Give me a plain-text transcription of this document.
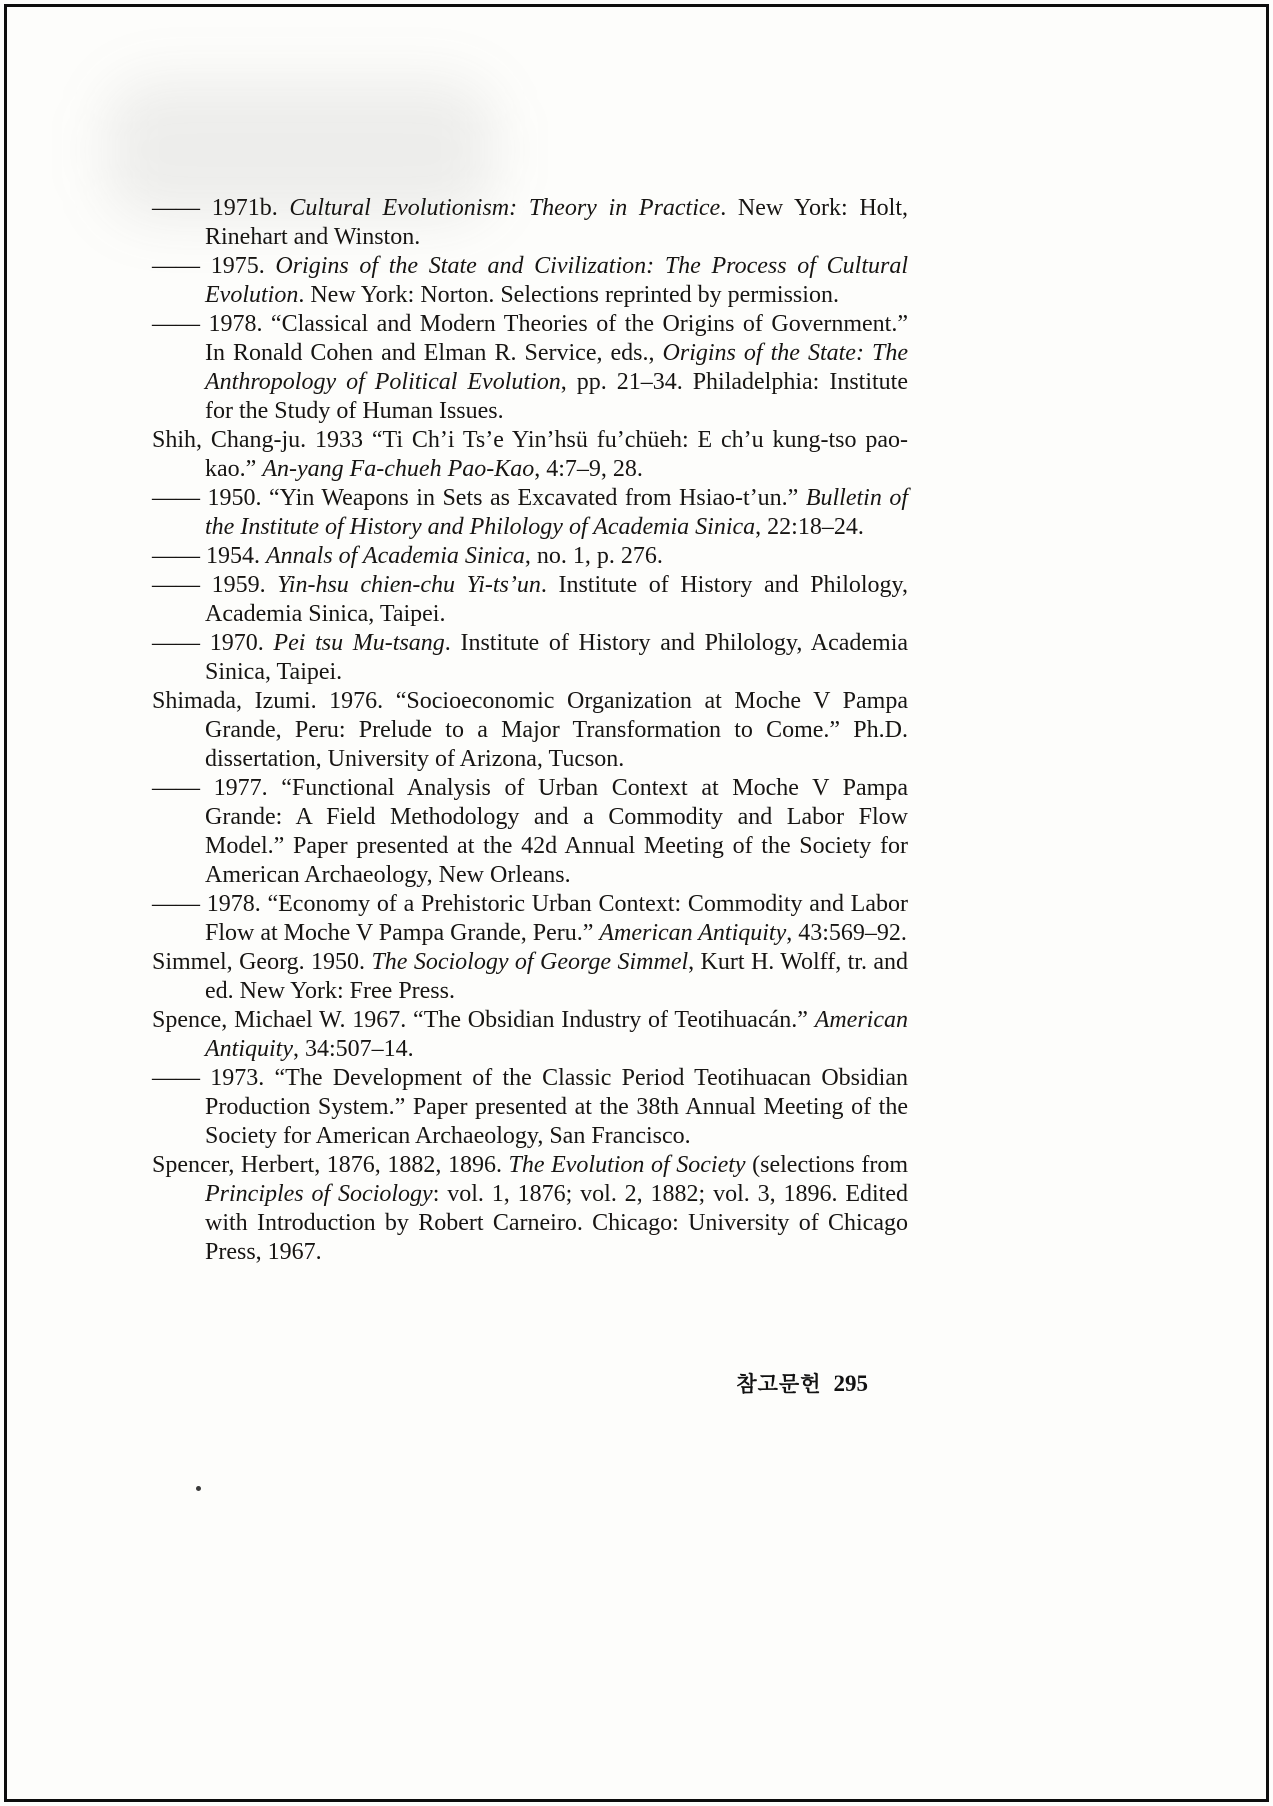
—— 1971b. Cultural Evolutionism: Theory in Practice. New York: Holt, Rinehart and Winston.

—— 1975. Origins of the State and Civilization: The Process of Cultural Evolution. New York: Norton. Selections reprinted by permission.

—— 1978. “Classical and Modern Theories of the Origins of Government.” In Ronald Cohen and Elman R. Service, eds., Origins of the State: The Anthropology of Political Evolution, pp. 21–34. Philadelphia: Institute for the Study of Human Issues.

Shih, Chang-ju. 1933 “Ti Ch’i Ts’e Yin’hsü fu’chüeh: E ch’u kung-tso pao-kao.” An-yang Fa-chueh Pao-Kao, 4:7–9, 28.

—— 1950. “Yin Weapons in Sets as Excavated from Hsiao-t’un.” Bulletin of the Institute of History and Philology of Academia Sinica, 22:18–24.

—— 1954. Annals of Academia Sinica, no. 1, p. 276.

—— 1959. Yin-hsu chien-chu Yi-ts’un. Institute of History and Philology, Academia Sinica, Taipei.

—— 1970. Pei tsu Mu-tsang. Institute of History and Philology, Academia Sinica, Taipei.

Shimada, Izumi. 1976. “Socioeconomic Organization at Moche V Pampa Grande, Peru: Prelude to a Major Transformation to Come.” Ph.D. dissertation, University of Arizona, Tucson.

—— 1977. “Functional Analysis of Urban Context at Moche V Pampa Grande: A Field Methodology and a Commodity and Labor Flow Model.” Paper presented at the 42d Annual Meeting of the Society for American Archaeology, New Orleans.

—— 1978. “Economy of a Prehistoric Urban Context: Commodity and Labor Flow at Moche V Pampa Grande, Peru.” American Antiquity, 43:569–92.

Simmel, Georg. 1950. The Sociology of George Simmel, Kurt H. Wolff, tr. and ed. New York: Free Press.

Spence, Michael W. 1967. “The Obsidian Industry of Teotihuacán.” American Antiquity, 34:507–14.

—— 1973. “The Development of the Classic Period Teotihuacan Obsidian Production System.” Paper presented at the 38th Annual Meeting of the Society for American Archaeology, San Francisco.

Spencer, Herbert, 1876, 1882, 1896. The Evolution of Society (selections from Principles of Sociology: vol. 1, 1876; vol. 2, 1882; vol. 3, 1896. Edited with Introduction by Robert Carneiro. Chicago: University of Chicago Press, 1967.

참고문헌 295
